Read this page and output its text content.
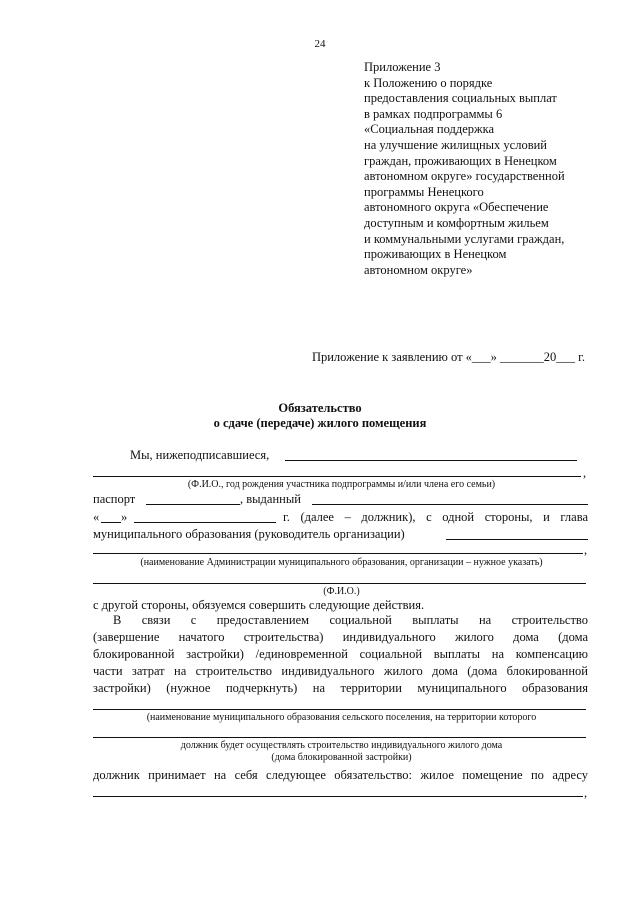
24
Приложение 3
к Положению о порядке
предоставления социальных выплат
в рамках подпрограммы 6
«Социальная поддержка
на улучшение жилищных условий
граждан, проживающих в Ненецком
автономном округе» государственной
программы Ненецкого
автономного округа «Обеспечение
доступным и комфортным жильем
и коммунальными услугами граждан,
проживающих в Ненецком
автономном округе»
Приложение к заявлению от «___» _______20___ г.
Обязательство
о сдаче (передаче) жилого помещения
Мы, нижеподписавшиеся,
,
(Ф.И.О., год рождения участника подпрограммы и/или члена его семьи)
паспорт	, выданный
« »	г. (далее – должник), с одной стороны, и глава
муниципального образования (руководитель организации)
,
(наименование Администрации муниципального образования, организации – нужное указать)
(Ф.И.О.)
с другой стороны, обязуемся совершить следующие действия.
В связи с предоставлением социальной выплаты на строительство
(завершение начатого строительства) индивидуального жилого дома (дома
блокированной застройки) /единовременной социальной выплаты на компенсацию
части затрат на строительство индивидуального жилого дома (дома блокированной
застройки) (нужное подчеркнуть) на территории муниципального образования
(наименование муниципального образования сельского поселения, на территории которого
должник будет осуществлять строительство индивидуального жилого дома
(дома блокированной застройки)
должник принимает на себя следующее обязательство: жилое помещение по адресу
,
